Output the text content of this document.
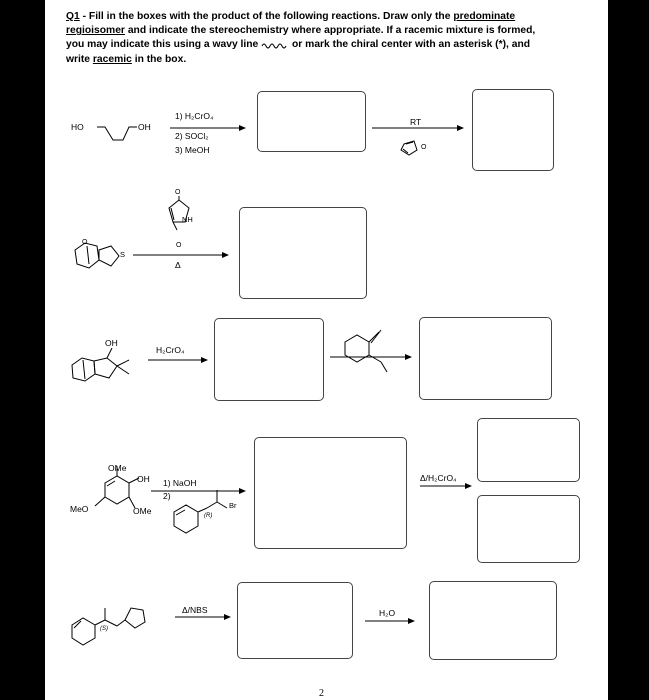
Q1 - Fill in the boxes with the product of the following reactions. Draw only the predominate
regioisomer and indicate the stereochemistry where appropriate. If a racemic mixture is formed,
you may indicate this using a wavy line	or mark the chiral center with an asterisk (*), and
write racemic in the box.
HO	OH
1) H₂CrO₄
2) SOCl₂
3) MeOH
RT
O
O
NH
O
O
S
Δ
OH
H₂CrO₄
OMe
OH
MeO	OMe
1) NaOH
2)
(R)
Br
Δ/H₂CrO₄
(S)
Δ/NBS	H₂O
2
